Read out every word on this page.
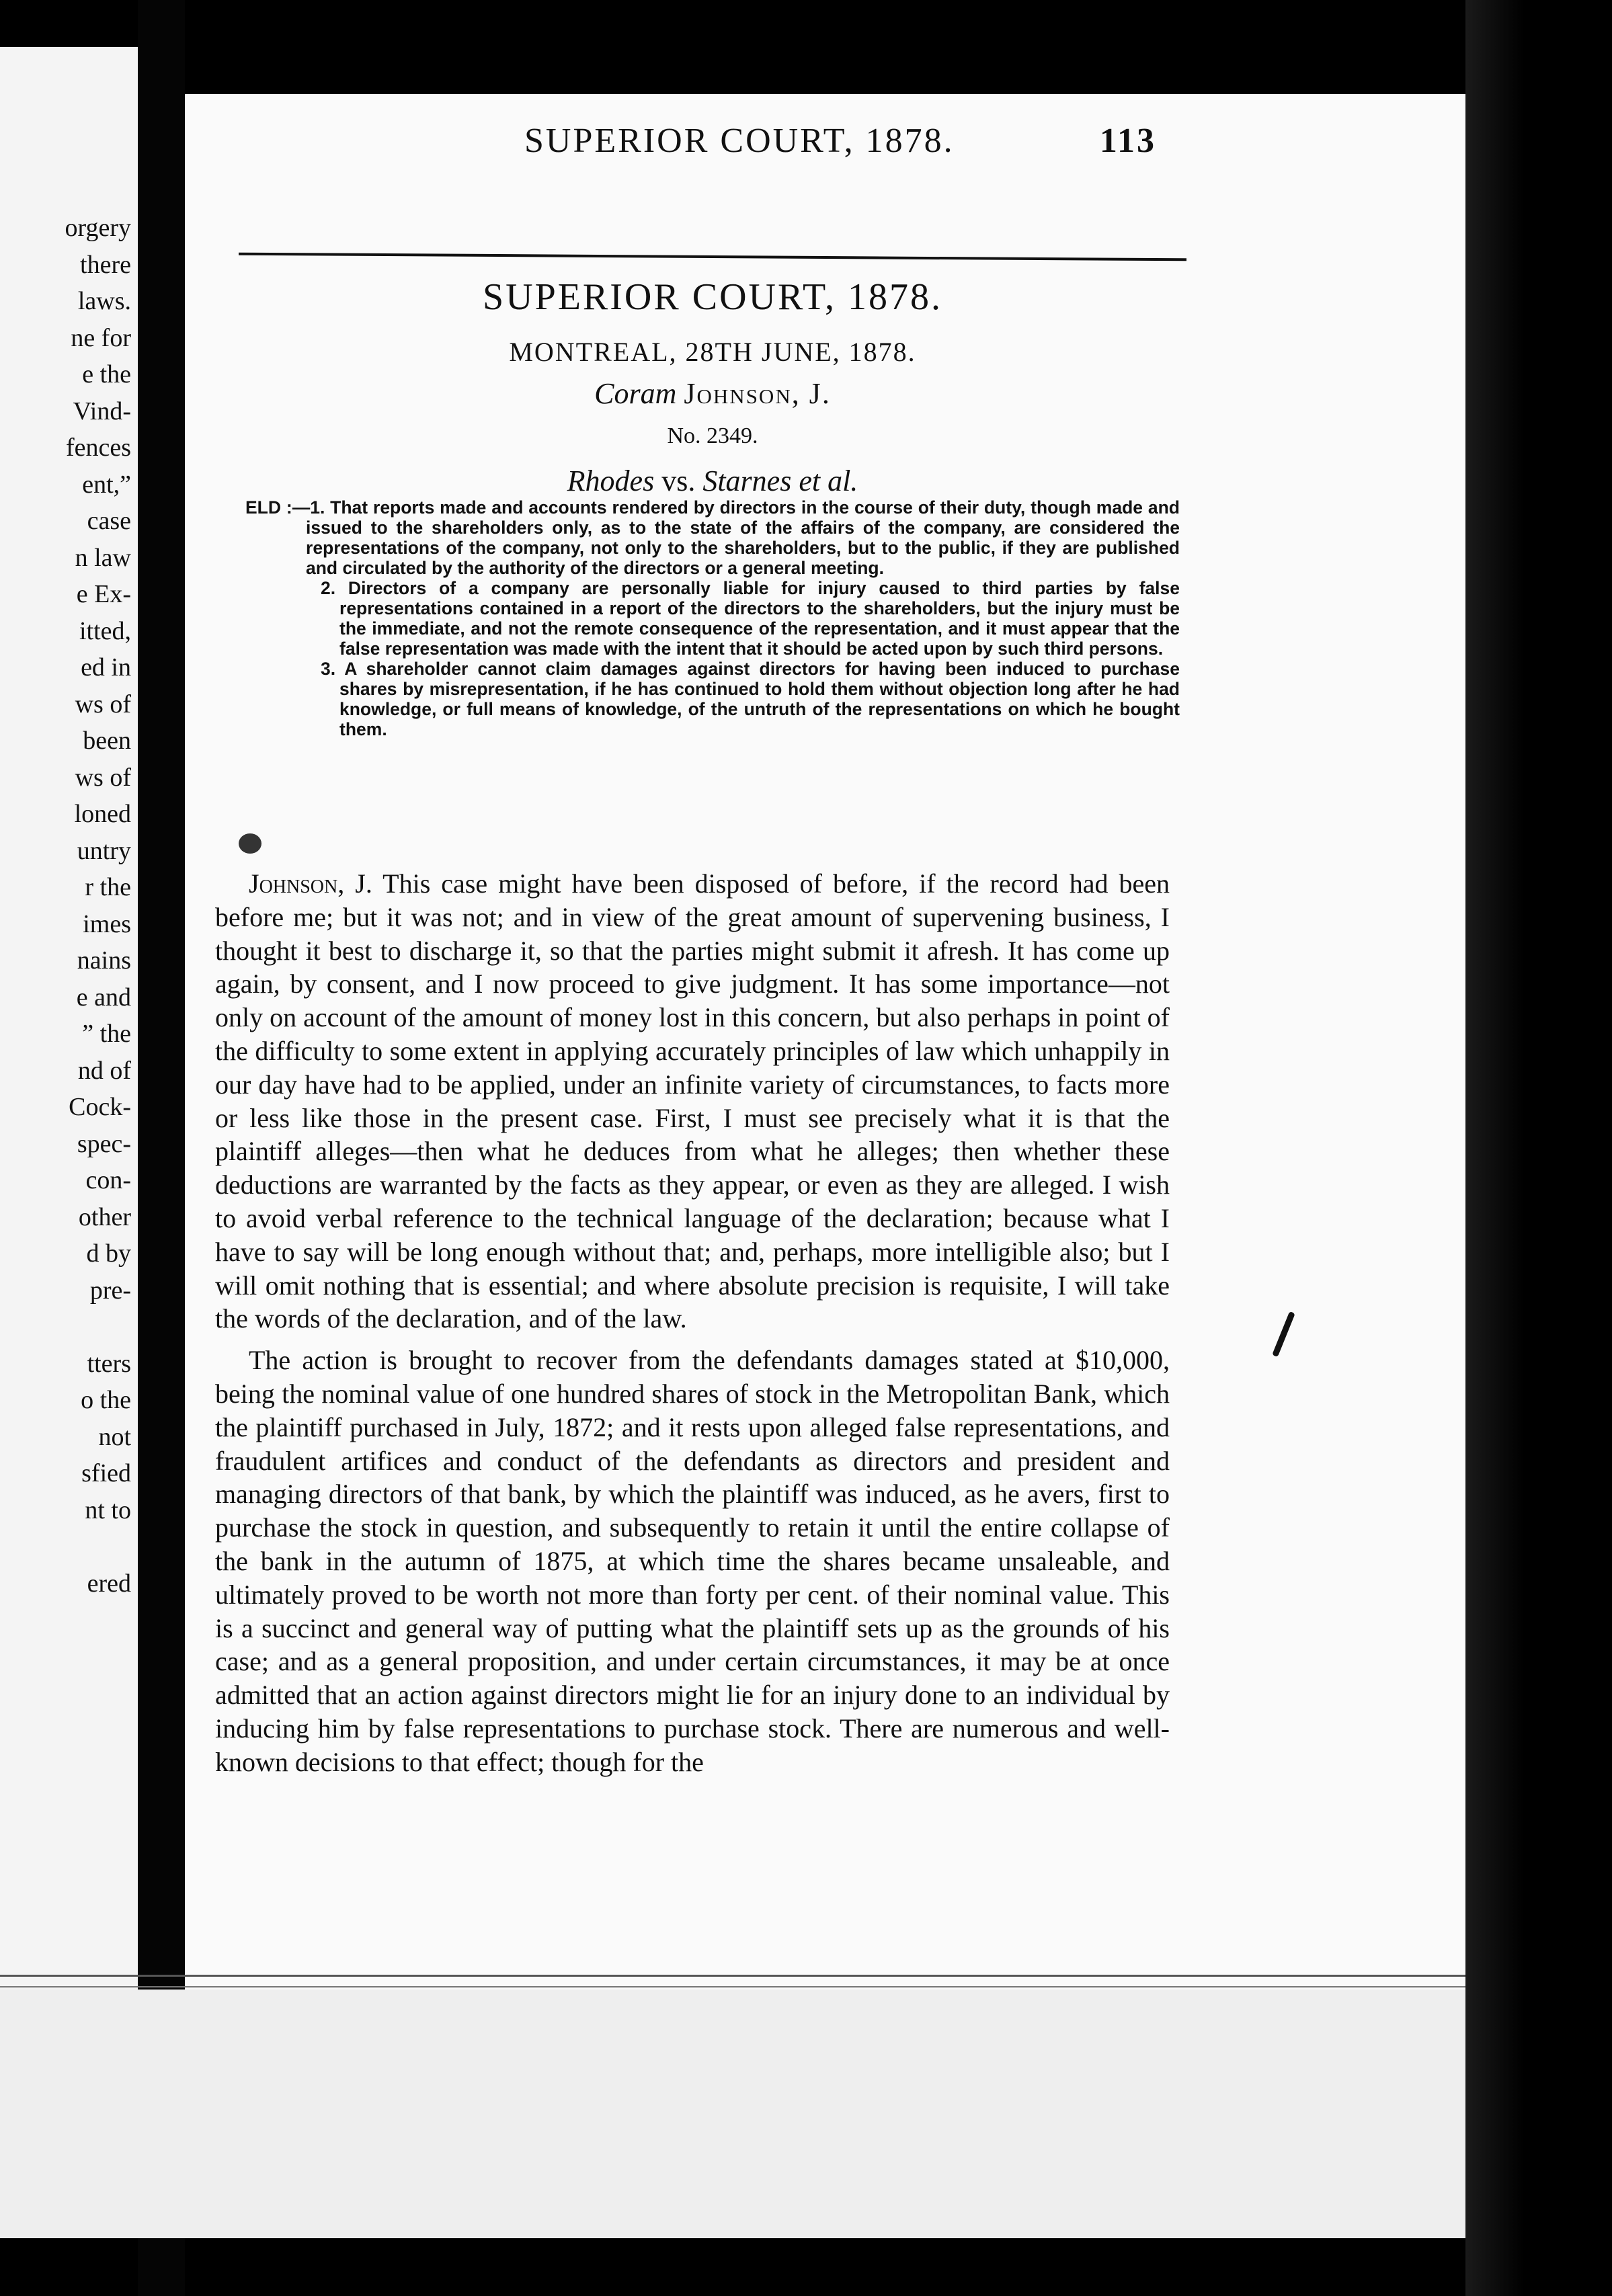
orgery
there
laws.
ne for
e the
Vind-
fences
ent,”
case
n law
e Ex-
itted,
ed in
ws of
been
ws of
loned
untry
r the
imes
nains
e and
” the
nd of
Cock-
spec-
con-
other
d by
pre-
tters
o the
not
sfied
nt to
ered
SUPERIOR COURT, 1878.	113
SUPERIOR COURT, 1878.
MONTREAL, 28TH JUNE, 1878.
Coram Johnson, J.
No. 2349.
Rhodes vs. Starnes et al.

ELD :—1. That reports made and accounts rendered by directors in the course of their duty, though made and issued to the shareholders only, as to the state of the affairs of the company, are considered the representations of the company, not only to the shareholders, but to the public, if they are published and circulated by the authority of the directors or a general meeting.

2. Directors of a company are personally liable for injury caused to third parties by false representations contained in a report of the directors to the shareholders, but the injury must be the immediate, and not the remote consequence of the representation, and it must appear that the false representation was made with the intent that it should be acted upon by such third persons.

3. A shareholder cannot claim damages against directors for having been induced to purchase shares by misrepresentation, if he has continued to hold them without objection long after he had knowledge, or full means of knowledge, of the untruth of the representations on which he bought them.

Johnson, J. This case might have been disposed of before, if the record had been before me; but it was not; and in view of the great amount of supervening business, I thought it best to discharge it, so that the parties might submit it afresh. It has come up again, by consent, and I now proceed to give judgment. It has some importance—not only on account of the amount of money lost in this concern, but also perhaps in point of the difficulty to some extent in applying accurately principles of law which unhappily in our day have had to be applied, under an infinite variety of circumstances, to facts more or less like those in the present case. First, I must see precisely what it is that the plaintiff alleges—then what he deduces from what he alleges; then whether these deductions are warranted by the facts as they appear, or even as they are alleged. I wish to avoid verbal reference to the technical language of the declaration; because what I have to say will be long enough without that; and, perhaps, more intelligible also; but I will omit nothing that is essential; and where absolute precision is requisite, I will take the words of the declaration, and of the law.

The action is brought to recover from the defendants damages stated at $10,000, being the nominal value of one hundred shares of stock in the Metropolitan Bank, which the plaintiff purchased in July, 1872; and it rests upon alleged false representations, and fraudulent artifices and conduct of the defendants as directors and president and managing directors of that bank, by which the plaintiff was induced, as he avers, first to purchase the stock in question, and subsequently to retain it until the entire collapse of the bank in the autumn of 1875, at which time the shares became unsaleable, and ultimately proved to be worth not more than forty per cent. of their nominal value. This is a succinct and general way of putting what the plaintiff sets up as the grounds of his case; and as a general proposition, and under certain circumstances, it may be at once admitted that an action against directors might lie for an injury done to an individual by inducing him by false representations to purchase stock. There are numerous and well-known decisions to that effect; though for the
